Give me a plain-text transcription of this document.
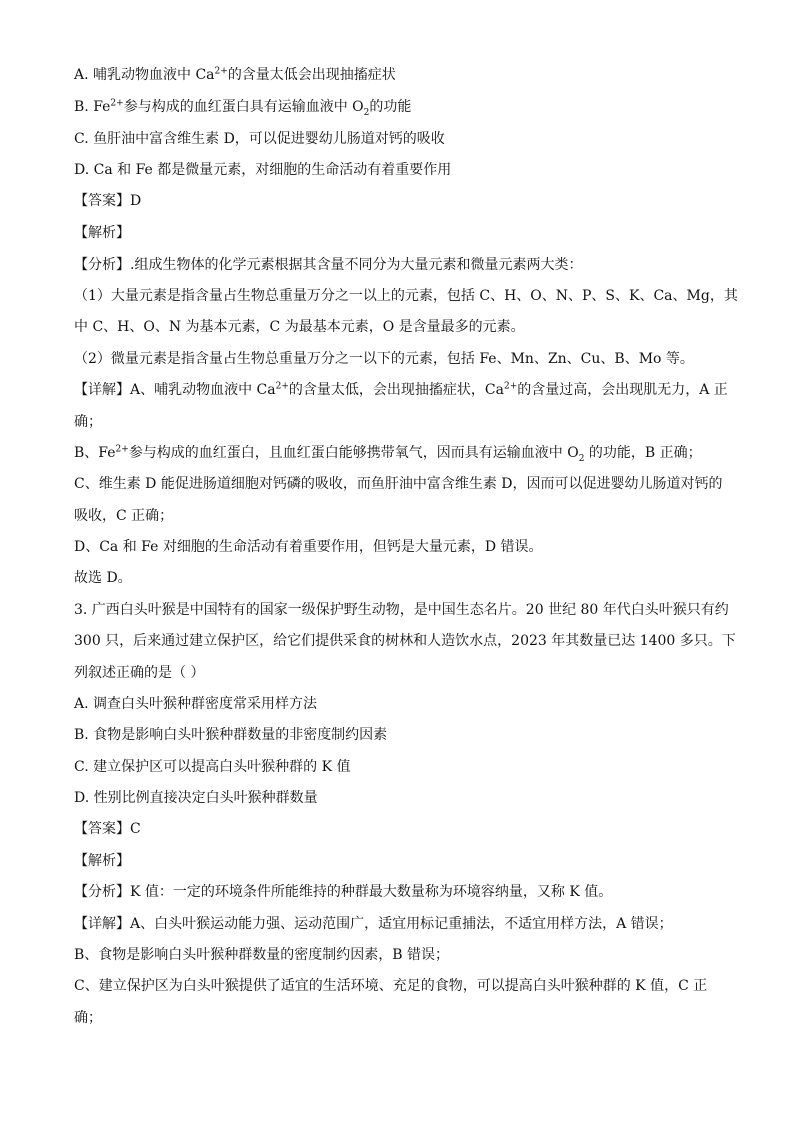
A. 哺乳动物血液中 $Ca^{2+}$的含量太低会出现抽搐症状
B. $Fe^{2+}$参与构成的血红蛋白具有运输血液中 $O_2$的功能
C. 鱼肝油中富含维生素 D，可以促进婴幼儿肠道对钙的吸收
D. Ca 和 Fe 都是微量元素，对细胞的生命活动有着重要作用
【答案】D
【解析】
【分析】.组成生物体的化学元素根据其含量不同分为大量元素和微量元素两大类：
（1）大量元素是指含量占生物总重量万分之一以上的元素，包括 C、H、O、N、P、S、K、Ca、Mg，其
中 C、H、O、N 为基本元素，C 为最基本元素，O 是含量最多的元素。
（2）微量元素是指含量占生物总重量万分之一以下的元素，包括 Fe、Mn、Zn、Cu、B、Mo 等。
【详解】A、哺乳动物血液中 $Ca^{2+}$的含量太低，会出现抽搐症状，$Ca^{2+}$的含量过高，会出现肌无力，A 正
确；
B、$Fe^{2+}$参与构成的血红蛋白，且血红蛋白能够携带氧气，因而具有运输血液中 $O_2$ 的功能，B 正确；
C、维生素 D 能促进肠道细胞对钙磷的吸收，而鱼肝油中富含维生素 D，因而可以促进婴幼儿肠道对钙的
吸收，C 正确；
D、Ca 和 Fe 对细胞的生命活动有着重要作用，但钙是大量元素，D 错误。
故选 D。
3. 广西白头叶猴是中国特有的国家一级保护野生动物，是中国生态名片。20 世纪 80 年代白头叶猴只有约
300 只，后来通过建立保护区，给它们提供采食的树林和人造饮水点，2023 年其数量已达 1400 多只。下
列叙述正确的是（ ）
A. 调查白头叶猴种群密度常采用样方法
B. 食物是影响白头叶猴种群数量的非密度制约因素
C. 建立保护区可以提高白头叶猴种群的 K 值
D. 性别比例直接决定白头叶猴种群数量
【答案】C
【解析】
【分析】K 值：一定的环境条件所能维持的种群最大数量称为环境容纳量，又称 K 值。
【详解】A、白头叶猴运动能力强、运动范围广，适宜用标记重捕法，不适宜用样方法，A 错误；
B、食物是影响白头叶猴种群数量的密度制约因素，B 错误；
C、建立保护区为白头叶猴提供了适宜的生活环境、充足的食物，可以提高白头叶猴种群的 K 值，C 正
确；
